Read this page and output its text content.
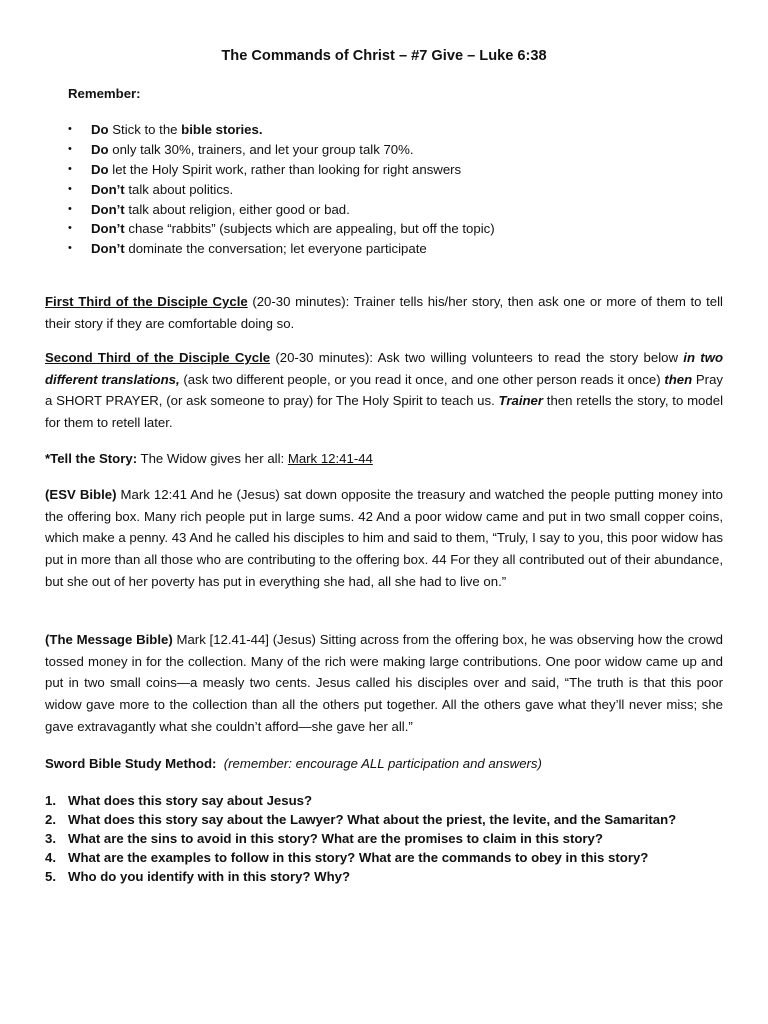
The Commands of Christ – #7 Give – Luke 6:38

Remember:

• Do Stick to the bible stories.
• Do only talk 30%, trainers, and let your group talk 70%.
• Do let the Holy Spirit work, rather than looking for right answers
• Don’t talk about politics.
• Don’t talk about religion, either good or bad.
• Don’t chase “rabbits” (subjects which are appealing, but off the topic)
• Don’t dominate the conversation; let everyone participate

First Third of the Disciple Cycle (20-30 minutes): Trainer tells his/her story, then ask one or more of them to tell their story if they are comfortable doing so.

Second Third of the Disciple Cycle (20-30 minutes): Ask two willing volunteers to read the story below in two different translations, (ask two different people, or you read it once, and one other person reads it once) then Pray a SHORT PRAYER, (or ask someone to pray) for The Holy Spirit to teach us. Trainer then retells the story, to model for them to retell later.

*Tell the Story: The Widow gives her all: Mark 12:41-44

(ESV Bible) Mark 12:41 And he (Jesus) sat down opposite the treasury and watched the people putting money into the offering box. Many rich people put in large sums. 42 And a poor widow came and put in two small copper coins, which make a penny. 43 And he called his disciples to him and said to them, “Truly, I say to you, this poor widow has put in more than all those who are contributing to the offering box. 44 For they all contributed out of their abundance, but she out of her poverty has put in everything she had, all she had to live on.”

(The Message Bible) Mark [12.41-44] (Jesus) Sitting across from the offering box, he was observing how the crowd tossed money in for the collection. Many of the rich were making large contributions. One poor widow came up and put in two small coins—a measly two cents. Jesus called his disciples over and said, “The truth is that this poor widow gave more to the collection than all the others put together. All the others gave what they’ll never miss; she gave extravagantly what she couldn’t afford—she gave her all.”

Sword Bible Study Method: (remember: encourage ALL participation and answers)

1. What does this story say about Jesus?
2. What does this story say about the Lawyer? What about the priest, the levite, and the Samaritan?
3. What are the sins to avoid in this story? What are the promises to claim in this story?
4. What are the examples to follow in this story? What are the commands to obey in this story?
5. Who do you identify with in this story? Why?
